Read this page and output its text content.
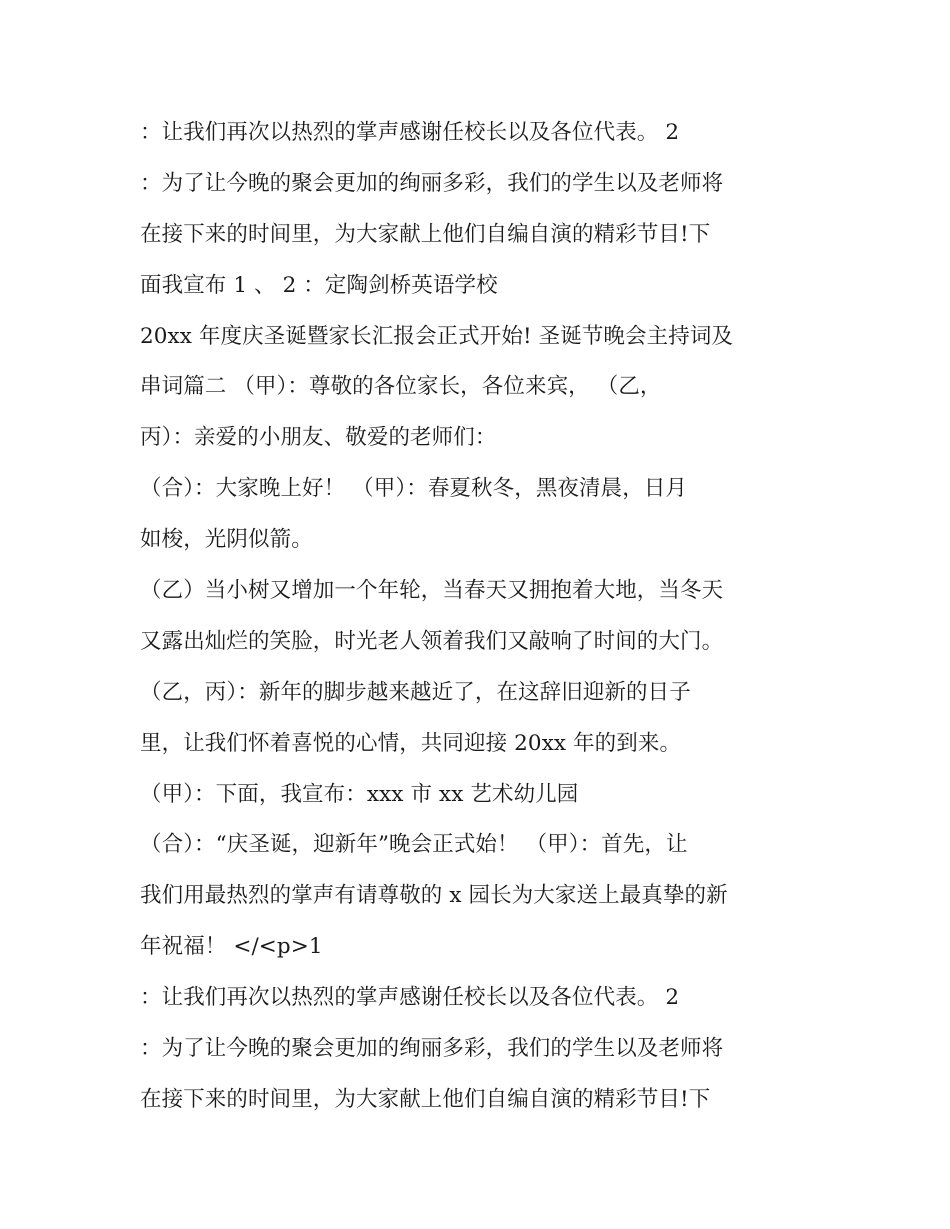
：让我们再次以热烈的掌声感谢任校长以及各位代表。 2
：为了让今晚的聚会更加的绚丽多彩，我们的学生以及老师将
在接下来的时间里，为大家献上他们自编自演的精彩节目!下
面我宣布 1 、 2 ：定陶剑桥英语学校
20xx 年度庆圣诞暨家长汇报会正式开始! 圣诞节晚会主持词及
串词篇二 （甲）：尊敬的各位家长，各位来宾， （乙，
丙）：亲爱的小朋友、敬爱的老师们：
（合）：大家晚上好！ （甲）：春夏秋冬，黑夜清晨，日月
如梭，光阴似箭。
（乙）当小树又增加一个年轮，当春天又拥抱着大地，当冬天
又露出灿烂的笑脸，时光老人领着我们又敲响了时间的大门。
（乙，丙）：新年的脚步越来越近了，在这辞旧迎新的日子
里，让我们怀着喜悦的心情，共同迎接 20xx 年的到来。
（甲）：下面，我宣布：xxx 市 xx 艺术幼儿园
（合）：“庆圣诞，迎新年”晚会正式始！ （甲）：首先，让
我们用最热烈的掌声有请尊敬的 x 园长为大家送上最真挚的新
年祝福！ </<p>1
：让我们再次以热烈的掌声感谢任校长以及各位代表。 2
：为了让今晚的聚会更加的绚丽多彩，我们的学生以及老师将
在接下来的时间里，为大家献上他们自编自演的精彩节目!下
